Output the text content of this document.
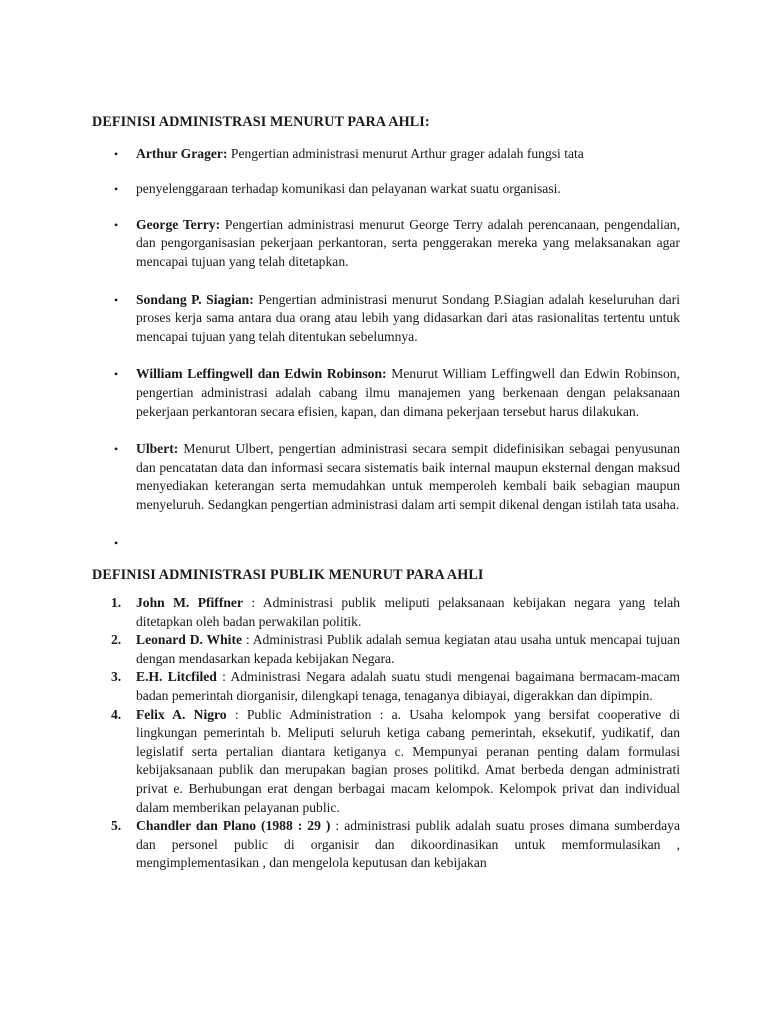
DEFINISI ADMINISTRASI MENURUT PARA AHLI:
• Arthur Grager: Pengertian administrasi menurut Arthur grager adalah fungsi tata
• penyelenggaraan terhadap komunikasi dan pelayanan warkat suatu organisasi.
• George Terry: Pengertian administrasi menurut George Terry adalah perencanaan, pengendalian, dan pengorganisasian pekerjaan perkantoran, serta penggerakan mereka yang melaksanakan agar mencapai tujuan yang telah ditetapkan.
• Sondang P. Siagian: Pengertian administrasi menurut Sondang P.Siagian adalah keseluruhan dari proses kerja sama antara dua orang atau lebih yang didasarkan dari atas rasionalitas tertentu untuk mencapai tujuan yang telah ditentukan sebelumnya.
• William Leffingwell dan Edwin Robinson: Menurut William Leffingwell dan Edwin Robinson, pengertian administrasi adalah cabang ilmu manajemen yang berkenaan dengan pelaksanaan pekerjaan perkantoran secara efisien, kapan, dan dimana pekerjaan tersebut harus dilakukan.
• Ulbert: Menurut Ulbert, pengertian administrasi secara sempit didefinisikan sebagai penyusunan dan pencatatan data dan informasi secara sistematis baik internal maupun eksternal dengan maksud menyediakan keterangan serta memudahkan untuk memperoleh kembali baik sebagian maupun menyeluruh. Sedangkan pengertian administrasi dalam arti sempit dikenal dengan istilah tata usaha.
•
DEFINISI ADMINISTRASI PUBLIK MENURUT PARA AHLI
1. John M. Pfiffner : Administrasi publik meliputi pelaksanaan kebijakan negara yang telah ditetapkan oleh badan perwakilan politik.
2. Leonard D. White : Administrasi Publik adalah semua kegiatan atau usaha untuk mencapai tujuan dengan mendasarkan kepada kebijakan Negara.
3. E.H. Litcfiled : Administrasi Negara adalah suatu studi mengenai bagaimana bermacam-macam badan pemerintah diorganisir, dilengkapi tenaga, tenaganya dibiayai, digerakkan dan dipimpin.
4. Felix A. Nigro : Public Administration : a. Usaha kelompok yang bersifat cooperative di lingkungan pemerintah b. Meliputi seluruh ketiga cabang pemerintah, eksekutif, yudikatif, dan legislatif serta pertalian diantara ketiganya c. Mempunyai peranan penting dalam formulasi kebijaksanaan publik dan merupakan bagian proses politikd. Amat berbeda dengan administrati privat e. Berhubungan erat dengan berbagai macam kelompok. Kelompok privat dan individual dalam memberikan pelayanan public.
5. Chandler dan Plano (1988 : 29 ) : administrasi publik adalah suatu proses dimana sumberdaya dan personel public di organisir dan dikoordinasikan untuk memformulasikan , mengimplementasikan , dan mengelola keputusan dan kebijakan
